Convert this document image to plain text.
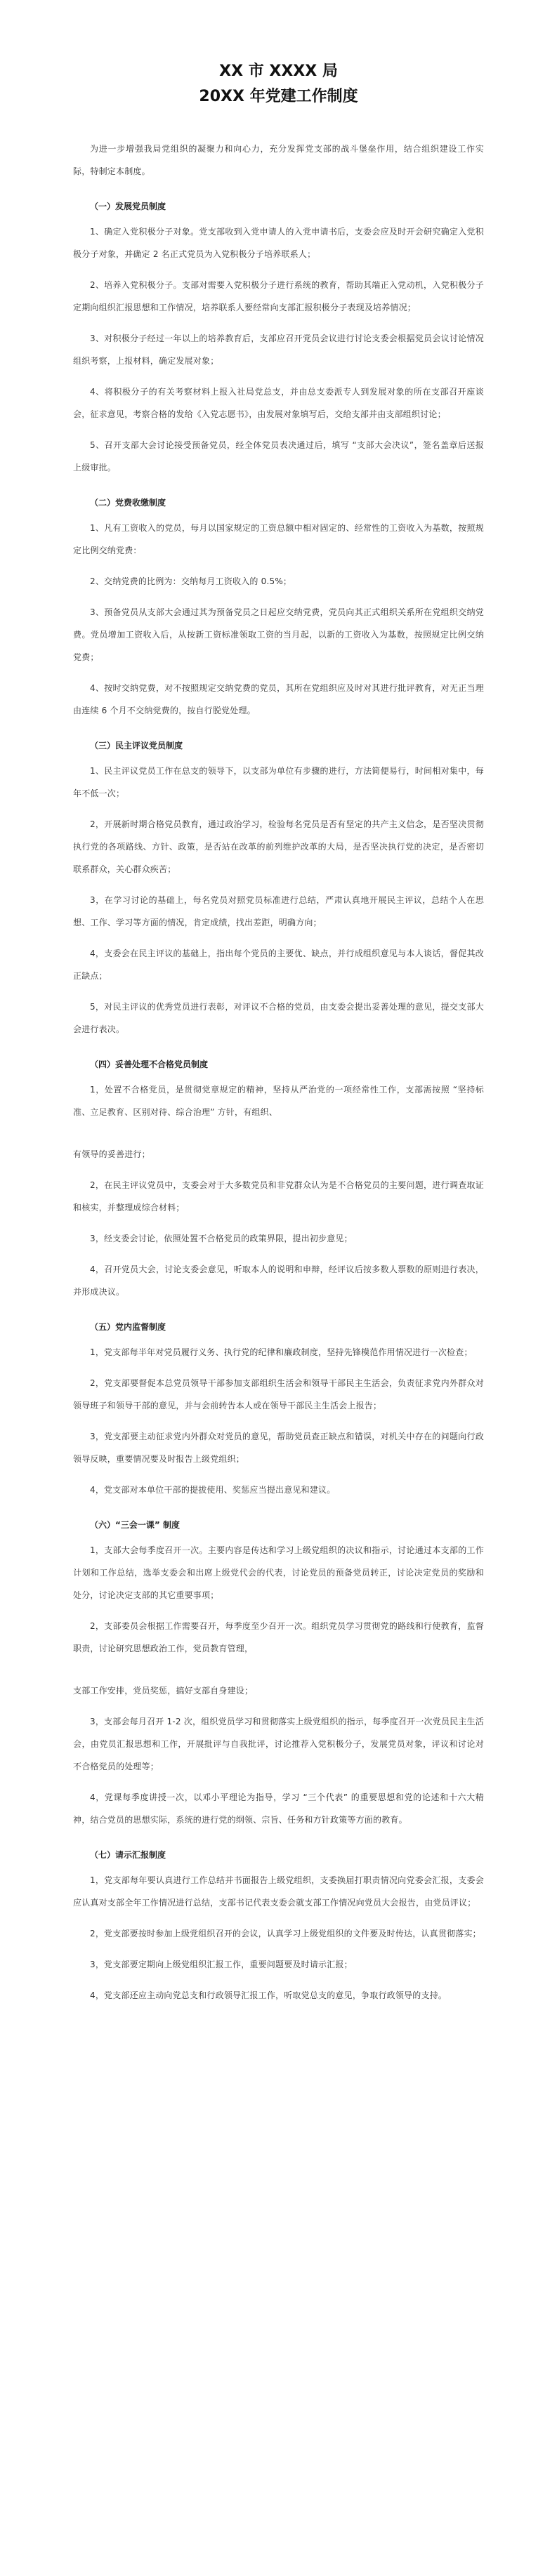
XX 市 XXXX 局
20XX 年党建工作制度

为进一步增强我局党组织的凝聚力和向心力，充分发挥党支部的战斗堡垒作用，结合组织建设工作实际，特制定本制度。

（一）发展党员制度

1、确定入党积极分子对象。党支部收到入党申请人的入党申请书后，支委会应及时开会研究确定入党积极分子对象，并确定 2 名正式党员为入党积极分子培养联系人；

2、培养入党积极分子。支部对需要入党积极分子进行系统的教育，帮助其端正入党动机，入党积极分子定期向组织汇报思想和工作情况，培养联系人要经常向支部汇报积极分子表现及培养情况；

3、对积极分子经过一年以上的培养教育后，支部应召开党员会议进行讨论支委会根据党员会议讨论情况组织考察，上报材料，确定发展对象；

4、将积极分子的有关考察材料上报入社局党总支，并由总支委派专人到发展对象的所在支部召开座谈会，征求意见，考察合格的发给《入党志愿书》，由发展对象填写后，交给支部并由支部组织讨论；

5、召开支部大会讨论接受预备党员，经全体党员表决通过后，填写 “支部大会决议”，签名盖章后送报上级审批。

（二）党费收缴制度

1、凡有工资收入的党员，每月以国家规定的工资总额中相对固定的、经常性的工资收入为基数，按照规定比例交纳党费：

2、交纳党费的比例为：交纳每月工资收入的 0.5%；

3、预备党员从支部大会通过其为预备党员之日起应交纳党费，党员向其正式组织关系所在党组织交纳党费。党员增加工资收入后，从按新工资标准领取工资的当月起，以新的工资收入为基数，按照规定比例交纳党费；

4、按时交纳党费，对不按照规定交纳党费的党员，其所在党组织应及时对其进行批评教育，对无正当理由连续 6 个月不交纳党费的，按自行脱党处理。

（三）民主评议党员制度

1、民主评议党员工作在总支的领导下，以支部为单位有步骤的进行，方法简便易行，时间相对集中，每年不低一次；

2，开展新时期合格党员教育，通过政治学习，检验每名党员是否有坚定的共产主义信念，是否坚决贯彻执行党的各项路线、方针、政策，是否站在改革的前列维护改革的大局，是否坚决执行党的决定，是否密切联系群众，关心群众疾苦；

3，在学习讨论的基础上，每名党员对照党员标准进行总结，严肃认真地开展民主评议，总结个人在思想、工作、学习等方面的情况，肯定成绩，找出差距，明确方向；

4，支委会在民主评议的基础上，指出每个党员的主要优、缺点，并行成组织意见与本人谈话，督促其改正缺点；

5，对民主评议的优秀党员进行表彰，对评议不合格的党员，由支委会提出妥善处理的意见，提交支部大会进行表决。

（四）妥善处理不合格党员制度

1，处置不合格党员，是贯彻党章规定的精神，坚持从严治党的一项经常性工作，支部需按照 “坚持标准、立足教育、区别对待、综合治理” 方针，有组织、

有领导的妥善进行；

2，在民主评议党员中，支委会对于大多数党员和非党群众认为是不合格党员的主要问题，进行调查取证和核实，并整理成综合材料；

3，经支委会讨论，依照处置不合格党员的政策界限，提出初步意见；

4，召开党员大会，讨论支委会意见，听取本人的说明和申辩，经评议后按多数人票数的原则进行表决，并形成决议。

（五）党内监督制度

1，党支部每半年对党员履行义务、执行党的纪律和廉政制度，坚持先锋模范作用情况进行一次检查；

2，党支部要督促本总党员领导干部参加支部组织生活会和领导干部民主生活会，负责征求党内外群众对领导班子和领导干部的意见，并与会前转告本人或在领导干部民主生活会上报告；

3，党支部要主动征求党内外群众对党员的意见，帮助党员查正缺点和错误，对机关中存在的问题向行政领导反映，重要情况要及时报告上级党组织；

4，党支部对本单位干部的提拔使用、奖惩应当提出意见和建议。

（六）“三会一课” 制度

1，支部大会每季度召开一次。主要内容是传达和学习上级党组织的决议和指示，讨论通过本支部的工作计划和工作总结，选举支委会和出席上级党代会的代表，讨论党员的预备党员转正，讨论决定党员的奖励和处分，讨论决定支部的其它重要事项；

2，支部委员会根据工作需要召开，每季度至少召开一次。组织党员学习贯彻党的路线和行使教育，监督职责，讨论研究思想政治工作，党员教育管理，

支部工作安排，党员奖惩，搞好支部自身建设；

3，支部会每月召开 1-2 次，组织党员学习和贯彻落实上级党组织的指示，每季度召开一次党员民主生活会，由党员汇报思想和工作，开展批评与自我批评，讨论推荐入党积极分子，发展党员对象，评议和讨论对不合格党员的处理等；

4，党课每季度讲授一次，以邓小平理论为指导，学习 “三个代表” 的重要思想和党的论述和十六大精神，结合党员的思想实际，系统的进行党的纲领、宗旨、任务和方针政策等方面的教育。

（七）请示汇报制度

1，党支部每年要认真进行工作总结并书面报告上级党组织，支委换届打职责情况向党委会汇报，支委会应认真对支部全年工作情况进行总结，支部书记代表支委会就支部工作情况向党员大会报告，由党员评议；

2，党支部要按时参加上级党组织召开的会议，认真学习上级党组织的文件要及时传达，认真贯彻落实；

3，党支部要定期向上级党组织汇报工作，重要问题要及时请示汇报；

4，党支部还应主动向党总支和行政领导汇报工作，听取党总支的意见，争取行政领导的支持。
